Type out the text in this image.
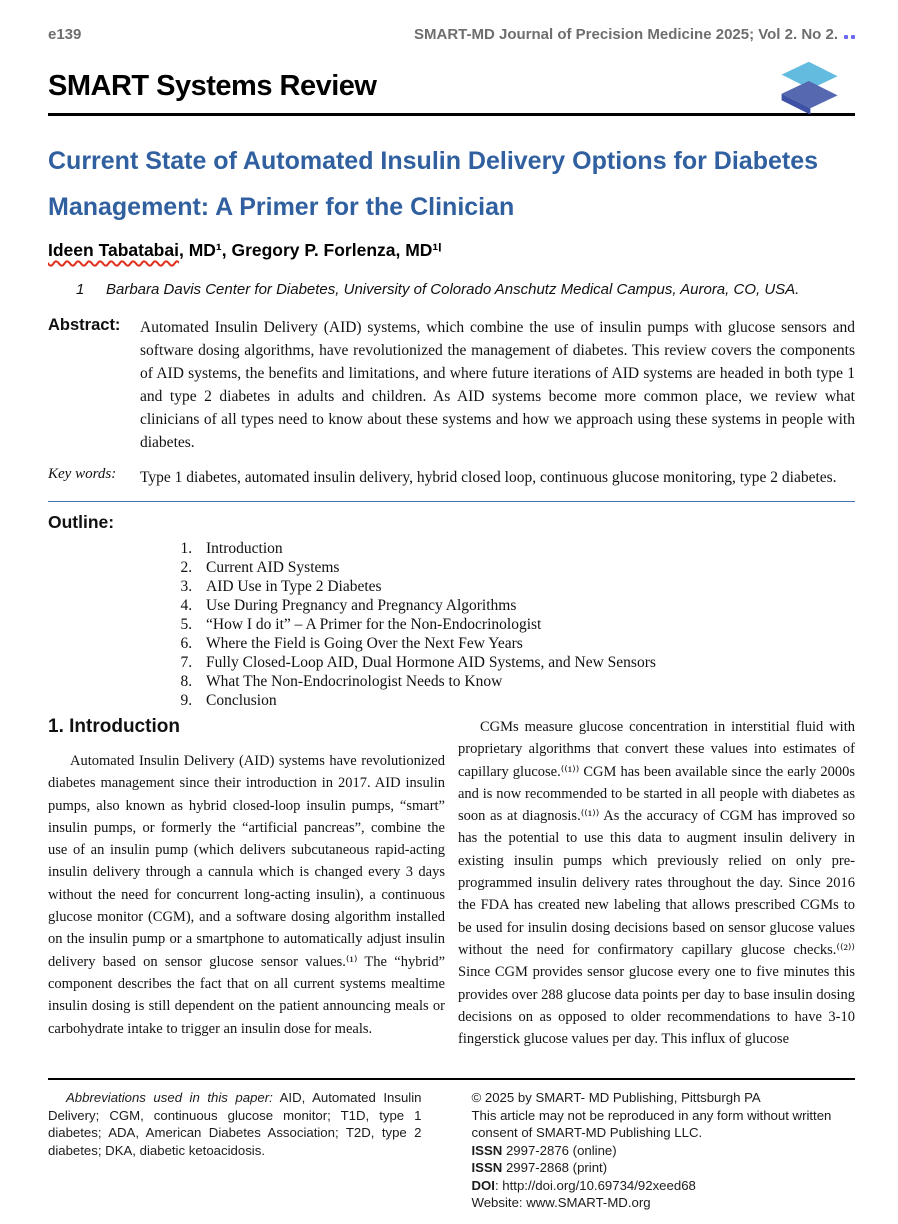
e139	SMART-MD Journal of Precision Medicine 2025; Vol 2. No 2.
SMART Systems Review
Current State of Automated Insulin Delivery Options for Diabetes Management: A Primer for the Clinician
Ideen Tabatabai, MD¹, Gregory P. Forlenza, MD¹ᴵ
1	Barbara Davis Center for Diabetes, University of Colorado Anschutz Medical Campus, Aurora, CO, USA.
Abstract:	Automated Insulin Delivery (AID) systems, which combine the use of insulin pumps with glucose sensors and software dosing algorithms, have revolutionized the management of diabetes. This review covers the components of AID systems, the benefits and limitations, and where future iterations of AID systems are headed in both type 1 and type 2 diabetes in adults and children. As AID systems become more common place, we review what clinicians of all types need to know about these systems and how we approach using these systems in people with diabetes.
Key words:	Type 1 diabetes, automated insulin delivery, hybrid closed loop, continuous glucose monitoring, type 2 diabetes.
Outline:
1. Introduction
2. Current AID Systems
3. AID Use in Type 2 Diabetes
4. Use During Pregnancy and Pregnancy Algorithms
5. “How I do it” – A Primer for the Non-Endocrinologist
6. Where the Field is Going Over the Next Few Years
7. Fully Closed-Loop AID, Dual Hormone AID Systems, and New Sensors
8. What The Non-Endocrinologist Needs to Know
9. Conclusion
1. Introduction

Automated Insulin Delivery (AID) systems have revolutionized diabetes management since their introduction in 2017. AID insulin pumps, also known as hybrid closed-loop insulin pumps, “smart” insulin pumps, or formerly the “artificial pancreas”, combine the use of an insulin pump (which delivers subcutaneous rapid-acting insulin delivery through a cannula which is changed every 3 days without the need for concurrent long-acting insulin), a continuous glucose monitor (CGM), and a software dosing algorithm installed on the insulin pump or a smartphone to automatically adjust insulin delivery based on sensor glucose sensor values.⁽¹⁾ The “hybrid” component describes the fact that on all current systems mealtime insulin dosing is still dependent on the patient announcing meals or carbohydrate intake to trigger an insulin dose for meals.

CGMs measure glucose concentration in interstitial fluid with proprietary algorithms that convert these values into estimates of capillary glucose.⁽⁽¹⁾⁾ CGM has been available since the early 2000s and is now recommended to be started in all people with diabetes as soon as at diagnosis.⁽⁽¹⁾⁾ As the accuracy of CGM has improved so has the potential to use this data to augment insulin delivery in existing insulin pumps which previously relied on only pre-programmed insulin delivery rates throughout the day. Since 2016 the FDA has created new labeling that allows prescribed CGMs to be used for insulin dosing decisions based on sensor glucose values without the need for confirmatory capillary glucose checks.⁽⁽²⁾⁾ Since CGM provides sensor glucose every one to five minutes this provides over 288 glucose data points per day to base insulin dosing decisions on as opposed to older recommendations to have 3-10 fingerstick glucose values per day. This influx of glucose

Abbreviations used in this paper: AID, Automated Insulin Delivery; CGM, continuous glucose monitor; T1D, type 1 diabetes; ADA, American Diabetes Association; T2D, type 2 diabetes; DKA, diabetic ketoacidosis.
© 2025 by SMART- MD Publishing, Pittsburgh PA
This article may not be reproduced in any form without written consent of SMART-MD Publishing LLC.
ISSN 2997-2876 (online)
ISSN 2997-2868 (print)
DOI: http://doi.org/10.69734/92xeed68
Website: www.SMART-MD.org
